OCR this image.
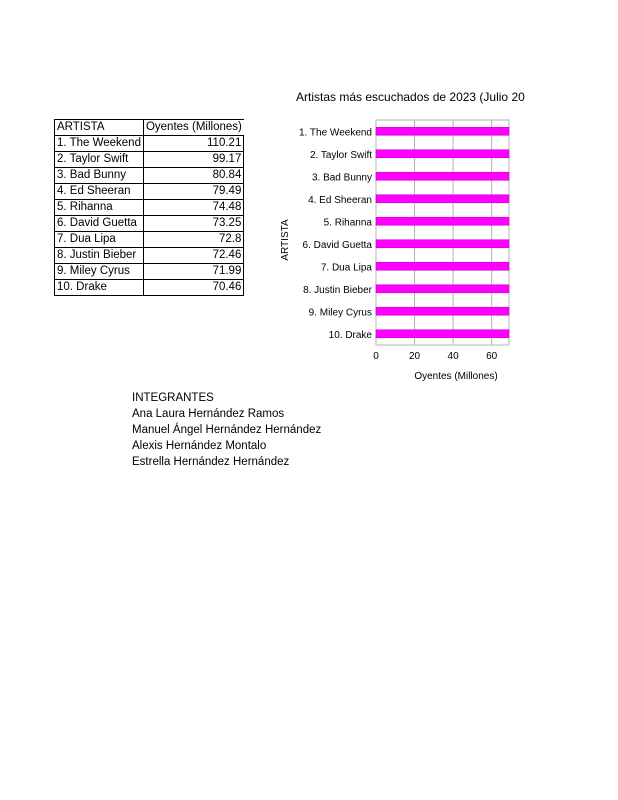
ARTISTA	Oyentes (Millones)
1. The Weekend	110.21
2. Taylor Swift	99.17
3. Bad Bunny	80.84
4. Ed Sheeran	79.49
5. Rihanna	74.48
6. David Guetta	73.25
7. Dua Lipa	72.8
8. Justin Bieber	72.46
9. Miley Cyrus	71.99
10. Drake	70.46
1. The Weekend
2. Taylor Swift
3. Bad Bunny
4. Ed Sheeran
5. Rihanna
6. David Guetta
7. Dua Lipa
8. Justin Bieber
9. Miley Cyrus
10. Drake
0	20	40	60
Artistas más escuchados de 2023 (Julio 20
Oyentes (Millones)
ARTISTA
INTEGRANTES
Ana Laura Hernández Ramos
Manuel Ángel Hernández Hernández
Alexis Hernández Montalo
Estrella Hernández Hernández
